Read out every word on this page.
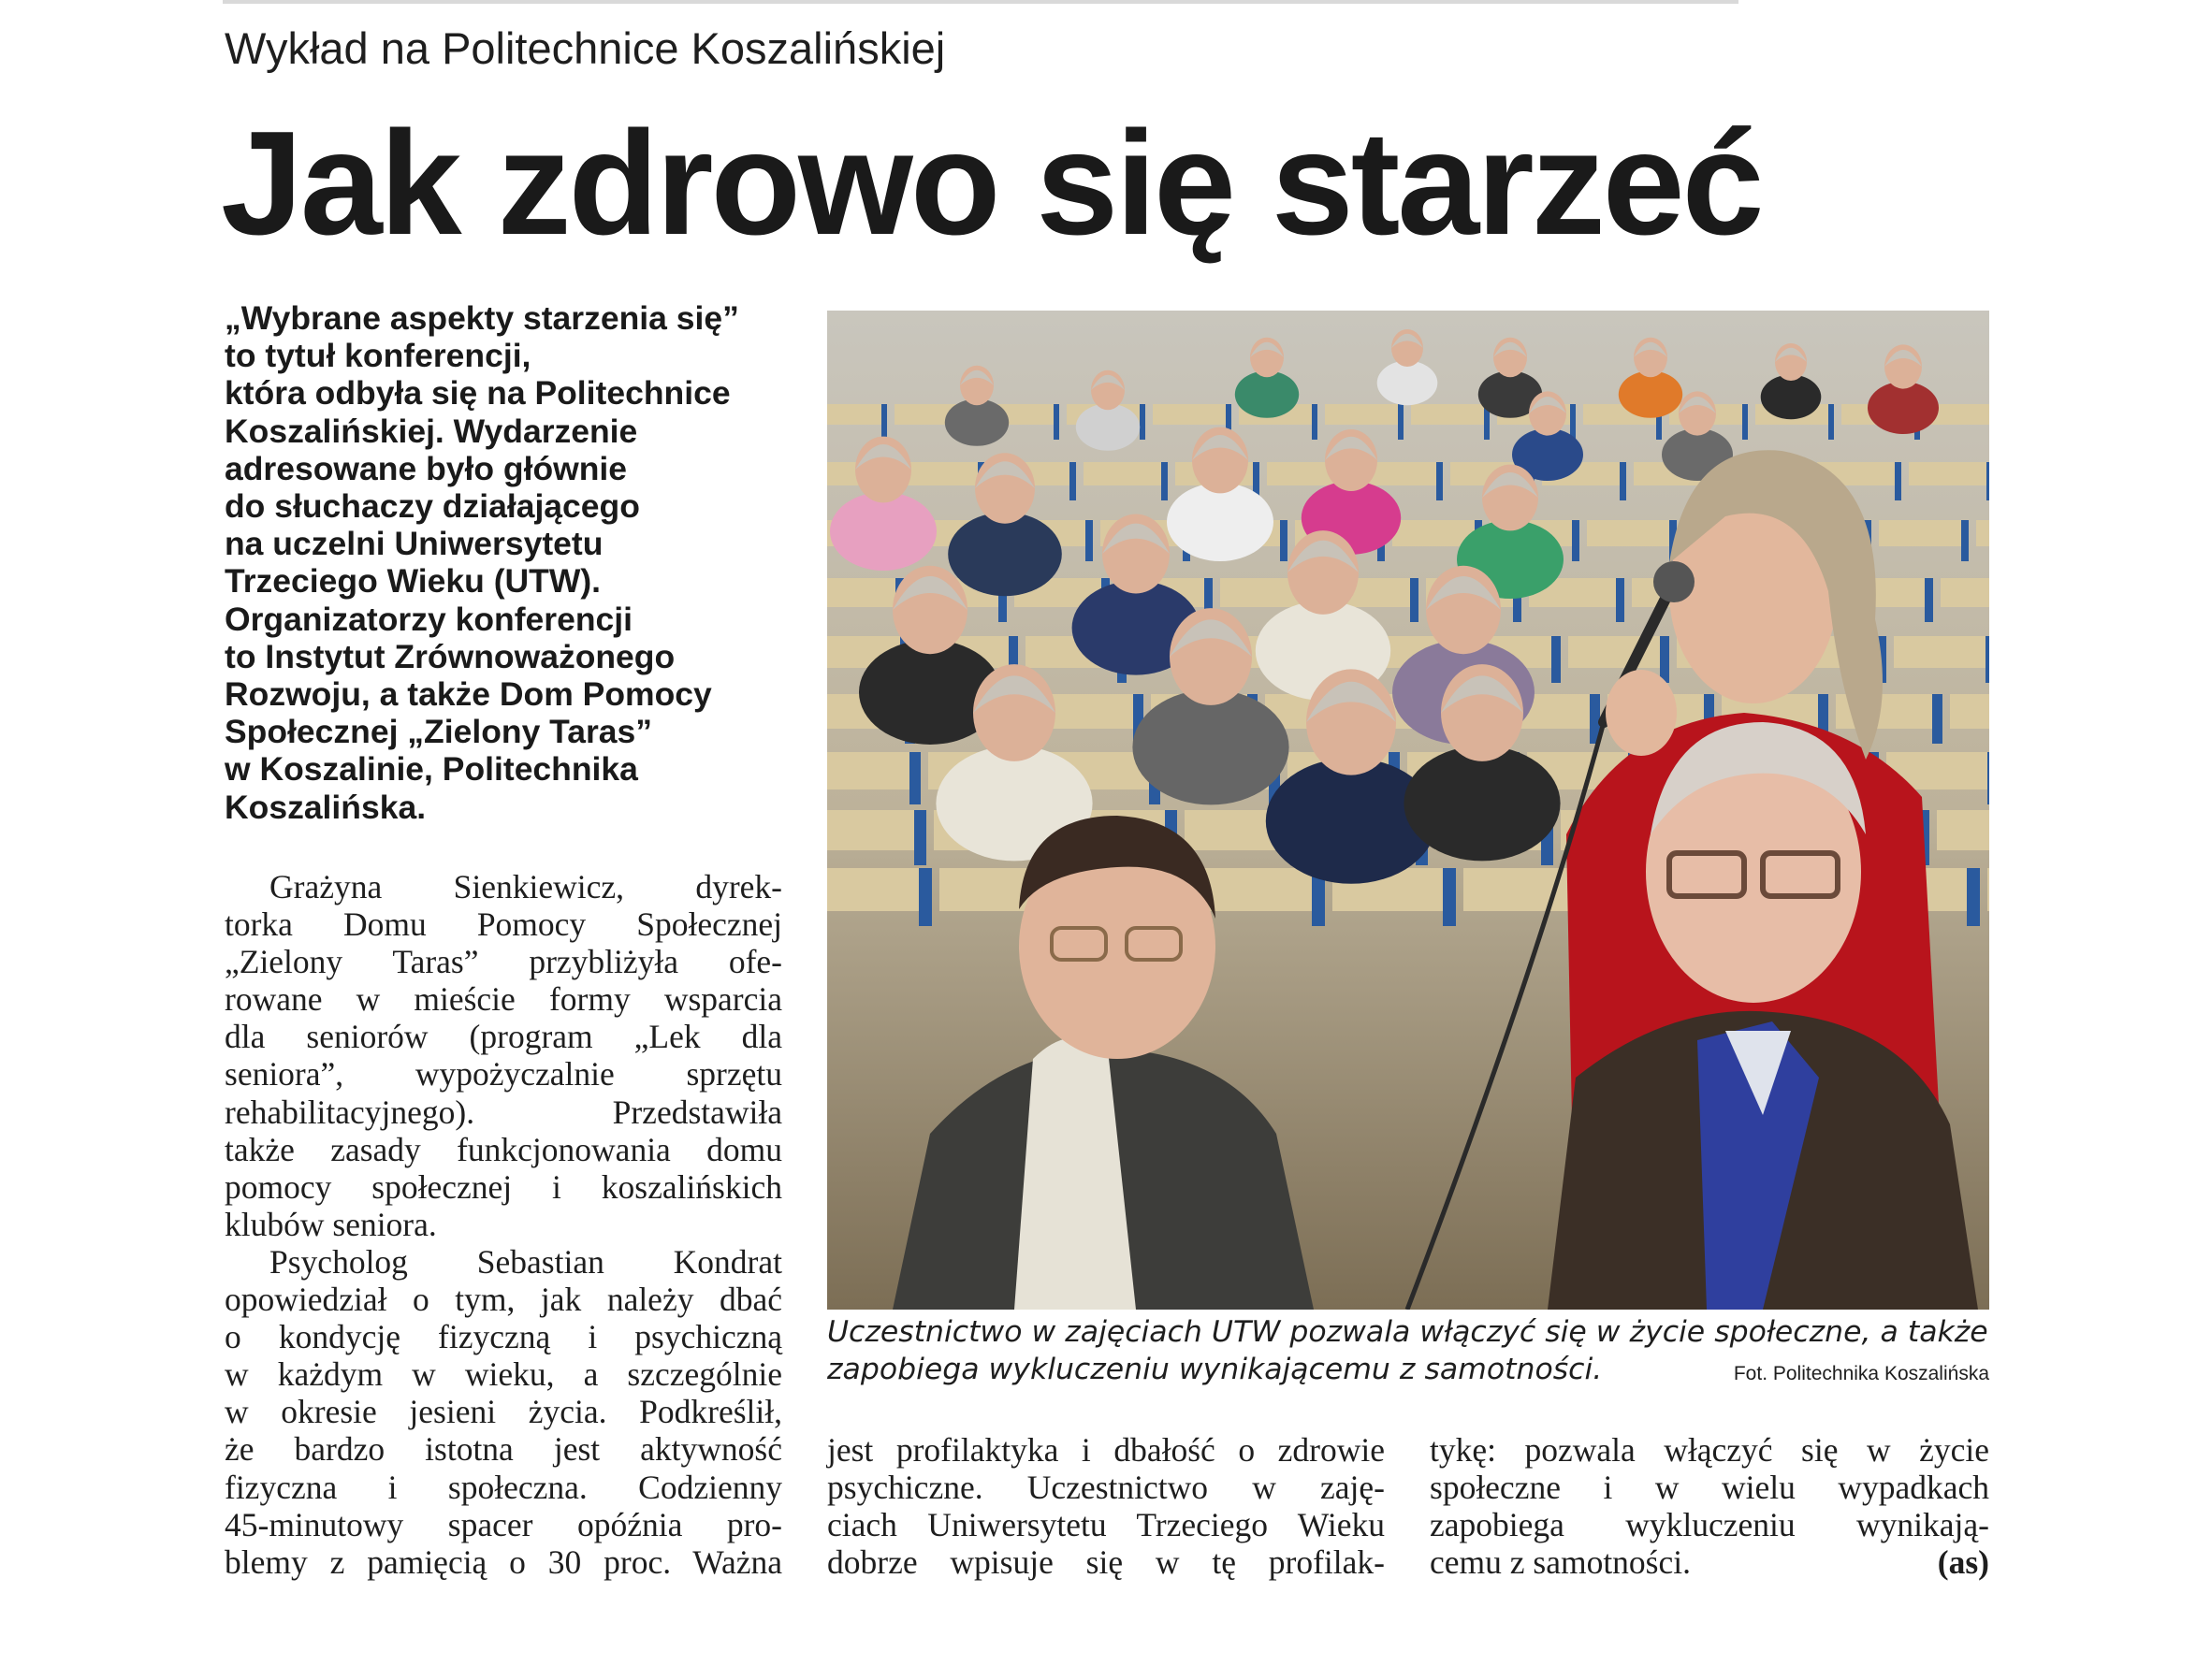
Wykład na Politechnice Koszalińskiej
Jak zdrowo się starzeć
„Wybrane aspekty starzenia się”
to tytuł konferencji,
która odbyła się na Politechnice
Koszalińskiej. Wydarzenie
adresowane było głównie
do słuchaczy działającego
na uczelni Uniwersytetu
Trzeciego Wieku (UTW).
Organizatorzy konferencji
to Instytut Zrównoważonego
Rozwoju, a także Dom Pomocy
Społecznej „Zielony Taras”
w Koszalinie, Politechnika
Koszalińska.
Grażyna Sienkiewicz, dyrek-
torka Domu Pomocy Społecznej
„Zielony Taras” przybliżyła ofe-
rowane w mieście formy wsparcia
dla seniorów (program „Lek dla
seniora”, wypożyczalnie sprzętu
rehabilitacyjnego). Przedstawiła
także zasady funkcjonowania domu
pomocy społecznej i koszalińskich
klubów seniora.
Psycholog Sebastian Kondrat
opowiedział o tym, jak należy dbać
o kondycję fizyczną i psychiczną
w każdym w wieku, a szczególnie
w okresie jesieni życia. Podkreślił,
że bardzo istotna jest aktywność
fizyczna i społeczna. Codzienny
45-minutowy spacer opóźnia pro-
blemy z pamięcią o 30 proc. Ważna
jest profilaktyka i dbałość o zdrowie
psychiczne. Uczestnictwo w zaję-
ciach Uniwersytetu Trzeciego Wieku
dobrze wpisuje się w tę profilak-
tykę: pozwala włączyć się w życie
społeczne i w wielu wypadkach
zapobiega wykluczeniu wynikają-
cemu z samotności.	(as)
Uczestnictwo w zajęciach UTW pozwala włączyć się w życie społeczne, a także
zapobiega wykluczeniu wynikającemu z samotności.	Fot. Politechnika Koszalińska
